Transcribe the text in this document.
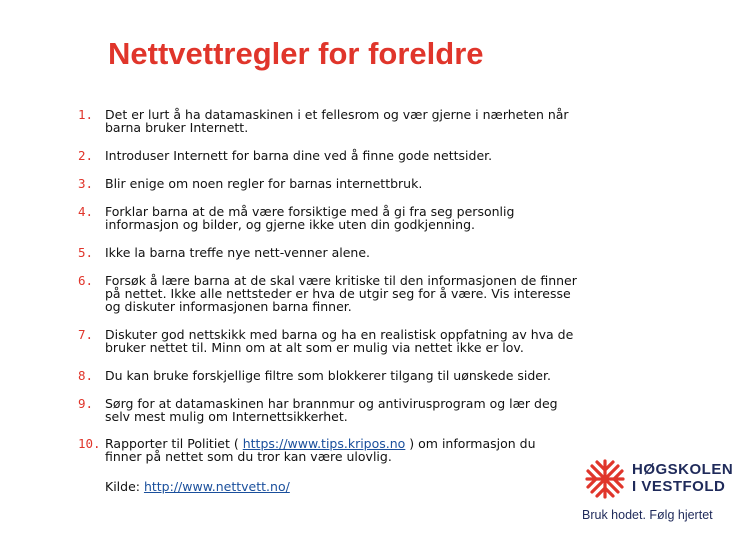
Nettvettregler for foreldre
1. Det er lurt å ha datamaskinen i et fellesrom og vær gjerne i nærheten når
barna bruker Internett.
2. Introduser Internett for barna dine ved å finne gode nettsider.
3. Blir enige om noen regler for barnas internettbruk.
4. Forklar barna at de må være forsiktige med å gi fra seg personlig
informasjon og bilder, og gjerne ikke uten din godkjenning.
5. Ikke la barna treffe nye nett-venner alene.
6. Forsøk å lære barna at de skal være kritiske til den informasjonen de finner
på nettet. Ikke alle nettsteder er hva de utgir seg for å være. Vis interesse
og diskuter informasjonen barna finner.
7. Diskuter god nettskikk med barna og ha en realistisk oppfatning av hva de
bruker nettet til. Minn om at alt som er mulig via nettet ikke er lov.
8. Du kan bruke forskjellige filtre som blokkerer tilgang til uønskede sider.
9. Sørg for at datamaskinen har brannmur og antivirusprogram og lær deg
selv mest mulig om Internettsikkerhet.
10. Rapporter til Politiet ( https://www.tips.kripos.no ) om informasjon du
finner på nettet som du tror kan være ulovlig.
Kilde: http://www.nettvett.no/
HØGSKOLEN
I VESTFOLD
Bruk hodet. Følg hjertet
